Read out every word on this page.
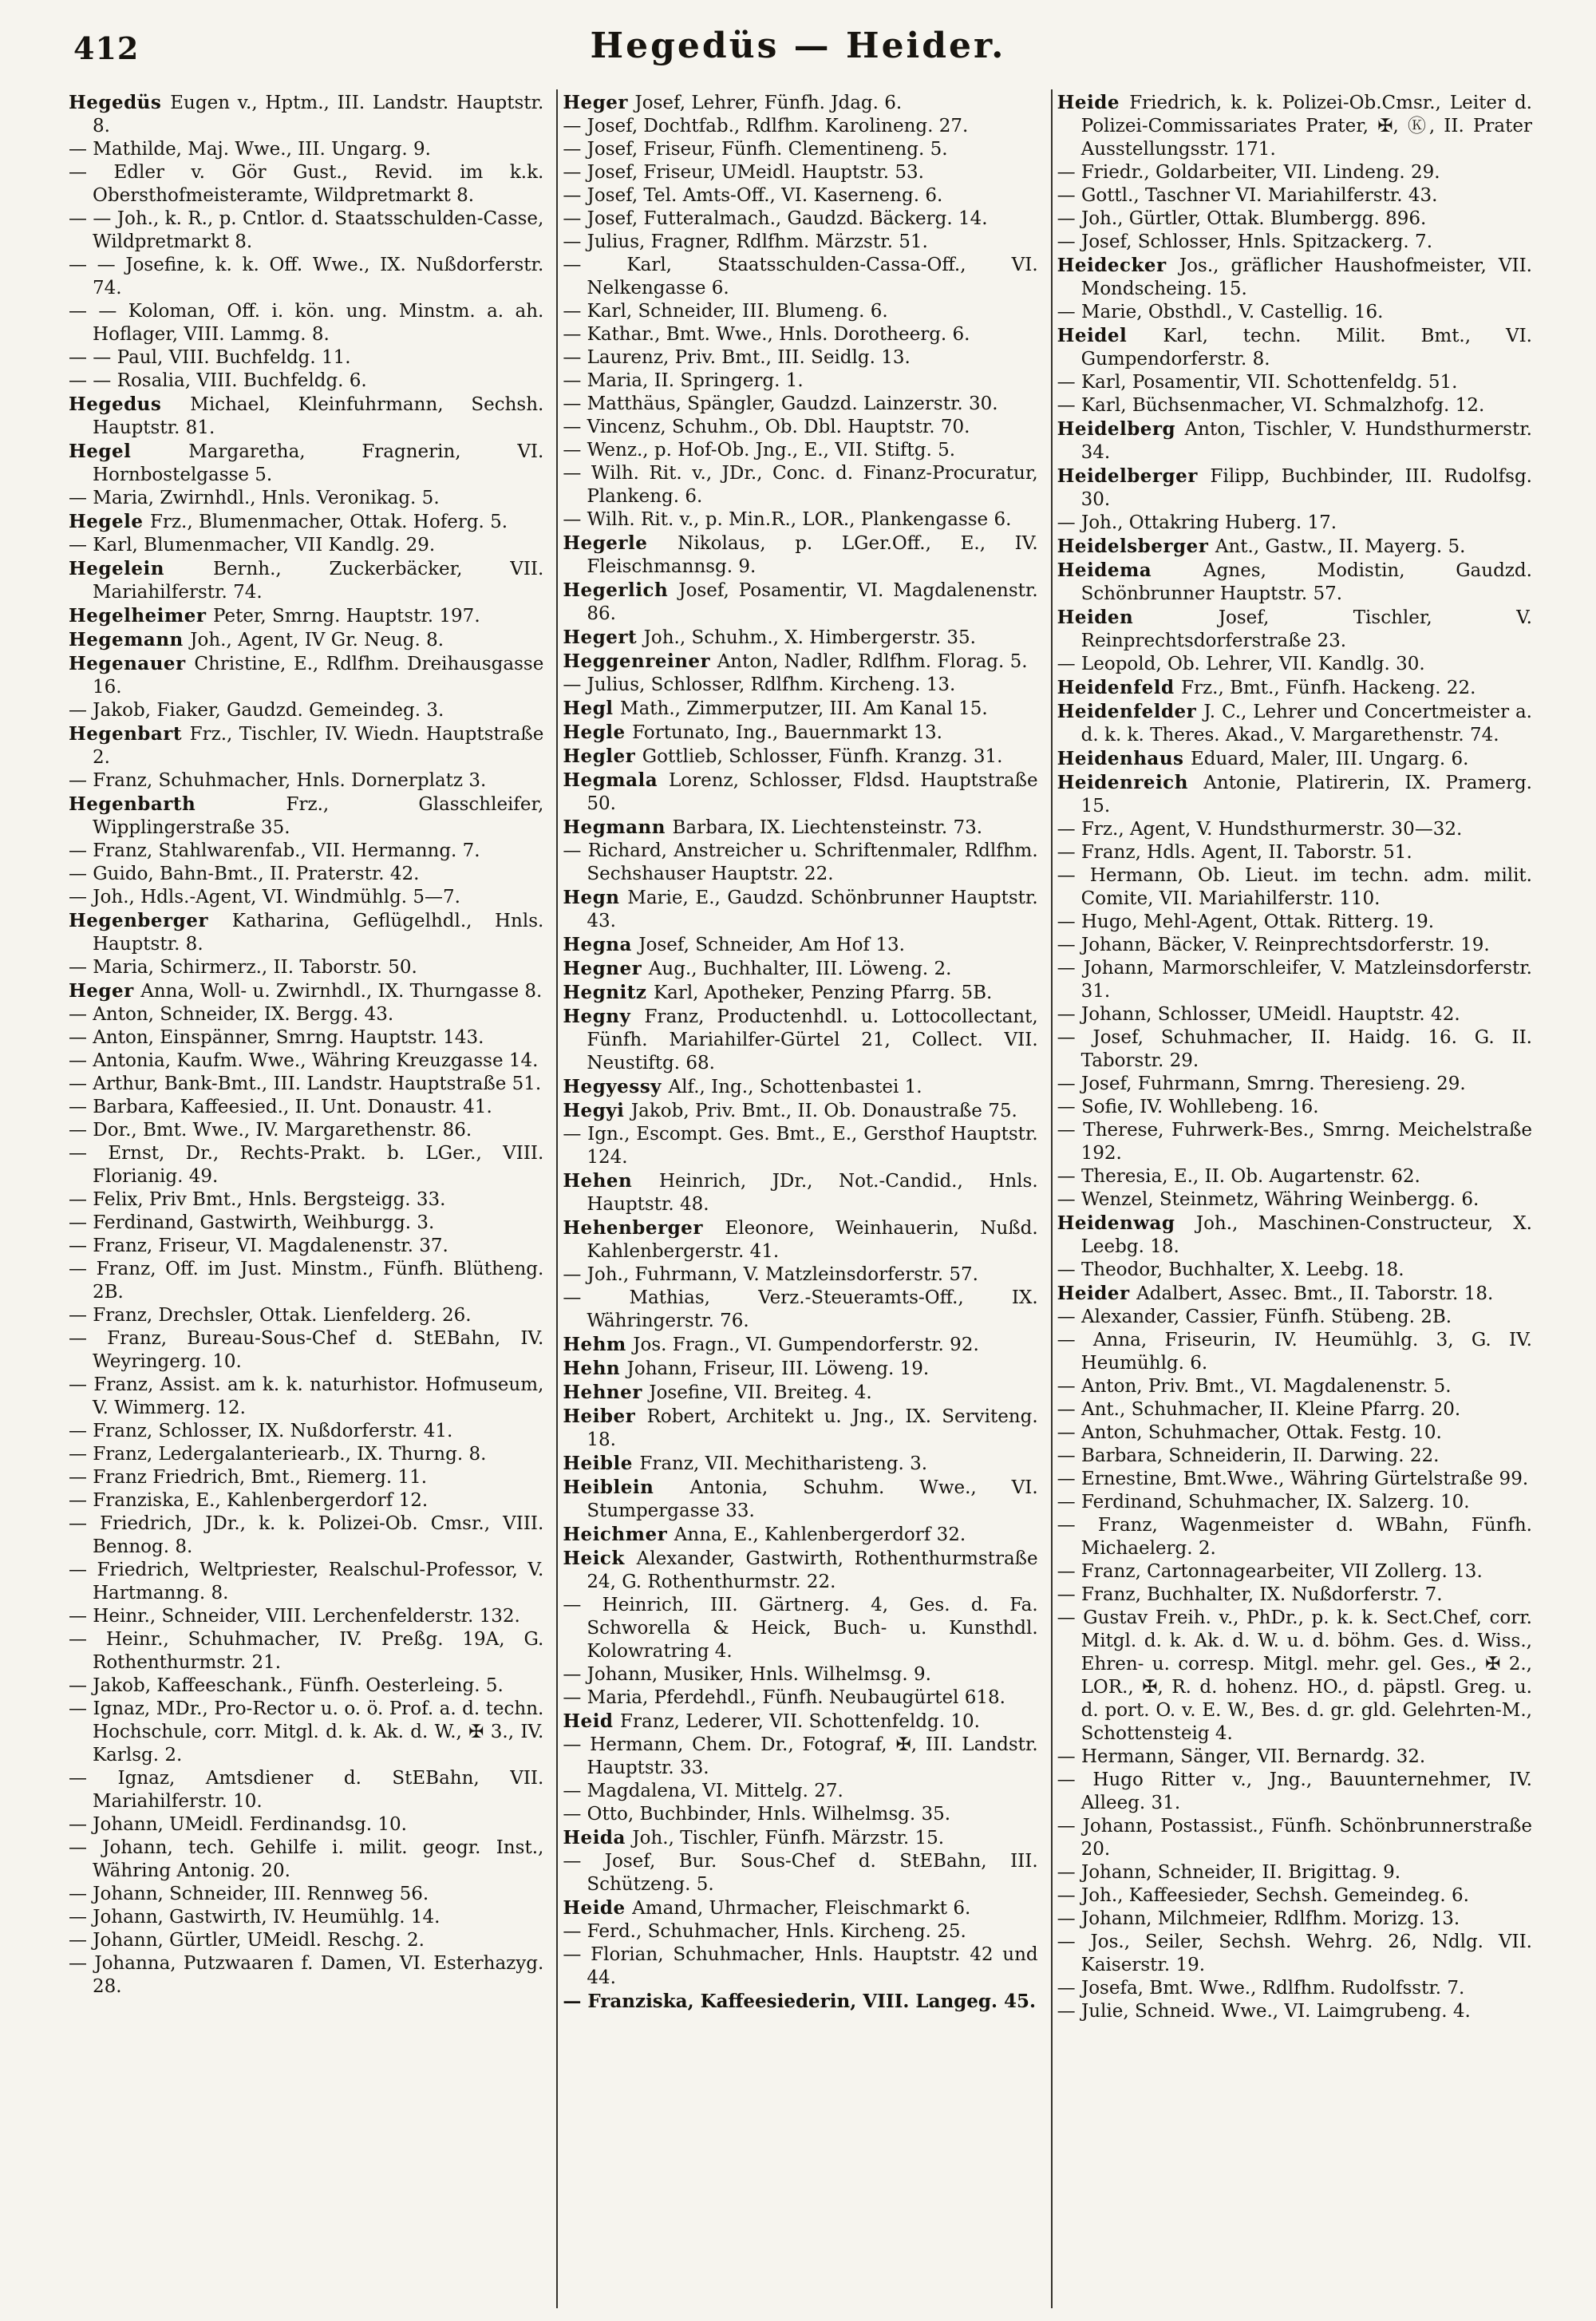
412	Hegedüs — Heider.

Hegedüs Eugen v., Hptm., III. Landstr. Hauptstr. 8.

— Mathilde, Maj. Wwe., III. Ungarg. 9.

— Edler v. Gör Gust., Revid. im k.k. Obersthofmeisteramte, Wildpretmarkt 8.

— — Joh., k. R., p. Cntlor. d. Staatsschulden-Casse, Wildpretmarkt 8.

— — Josefine, k. k. Off. Wwe., IX. Nußdorferstr. 74.

— — Koloman, Off. i. kön. ung. Minstm. a. ah. Hoflager, VIII. Lammg. 8.

— — Paul, VIII. Buchfeldg. 11.

— — Rosalia, VIII. Buchfeldg. 6.

Hegedus Michael, Kleinfuhrmann, Sechsh. Hauptstr. 81.

Hegel Margaretha, Fragnerin, VI. Hornbostelgasse 5.

— Maria, Zwirnhdl., Hnls. Veronikag. 5.

Hegele Frz., Blumenmacher, Ottak. Hoferg. 5.

— Karl, Blumenmacher, VII Kandlg. 29.

Hegelein Bernh., Zuckerbäcker, VII. Mariahilferstr. 74.

Hegelheimer Peter, Smrng. Hauptstr. 197.

Hegemann Joh., Agent, IV Gr. Neug. 8.

Hegenauer Christine, E., Rdlfhm. Dreihausgasse 16.

— Jakob, Fiaker, Gaudzd. Gemeindeg. 3.

Hegenbart Frz., Tischler, IV. Wiedn. Hauptstraße 2.

— Franz, Schuhmacher, Hnls. Dornerplatz 3.

Hegenbarth Frz., Glasschleifer, Wipplingerstraße 35.

— Franz, Stahlwarenfab., VII. Hermanng. 7.

— Guido, Bahn-Bmt., II. Praterstr. 42.

— Joh., Hdls.-Agent, VI. Windmühlg. 5—7.

Hegenberger Katharina, Geflügelhdl., Hnls. Hauptstr. 8.

— Maria, Schirmerz., II. Taborstr. 50.

Heger Anna, Woll- u. Zwirnhdl., IX. Thurngasse 8.

— Anton, Schneider, IX. Bergg. 43.

— Anton, Einspänner, Smrng. Hauptstr. 143.

— Antonia, Kaufm. Wwe., Währing Kreuzgasse 14.

— Arthur, Bank-Bmt., III. Landstr. Hauptstraße 51.

— Barbara, Kaffeesied., II. Unt. Donaustr. 41.

— Dor., Bmt. Wwe., IV. Margarethenstr. 86.

— Ernst, Dr., Rechts-Prakt. b. LGer., VIII. Florianig. 49.

— Felix, Priv Bmt., Hnls. Bergsteigg. 33.

— Ferdinand, Gastwirth, Weihburgg. 3.

— Franz, Friseur, VI. Magdalenenstr. 37.

— Franz, Off. im Just. Minstm., Fünfh. Blütheng. 2B.

— Franz, Drechsler, Ottak. Lienfelderg. 26.

— Franz, Bureau-Sous-Chef d. StEBahn, IV. Weyringerg. 10.

— Franz, Assist. am k. k. naturhistor. Hofmuseum, V. Wimmerg. 12.

— Franz, Schlosser, IX. Nußdorferstr. 41.

— Franz, Ledergalanteriearb., IX. Thurng. 8.

— Franz Friedrich, Bmt., Riemerg. 11.

— Franziska, E., Kahlenbergerdorf 12.

— Friedrich, JDr., k. k. Polizei-Ob. Cmsr., VIII. Bennog. 8.

— Friedrich, Weltpriester, Realschul-Professor, V. Hartmanng. 8.

— Heinr., Schneider, VIII. Lerchenfelderstr. 132.

— Heinr., Schuhmacher, IV. Preßg. 19A, G. Rothenthurmstr. 21.

— Jakob, Kaffeeschank., Fünfh. Oesterleing. 5.

— Ignaz, MDr., Pro-Rector u. o. ö. Prof. a. d. techn. Hochschule, corr. Mitgl. d. k. Ak. d. W., ✠ 3., IV. Karlsg. 2.

— Ignaz, Amtsdiener d. StEBahn, VII. Mariahilferstr. 10.

— Johann, UMeidl. Ferdinandsg. 10.

— Johann, tech. Gehilfe i. milit. geogr. Inst., Währing Antonig. 20.

— Johann, Schneider, III. Rennweg 56.

— Johann, Gastwirth, IV. Heumühlg. 14.

— Johann, Gürtler, UMeidl. Reschg. 2.

— Johanna, Putzwaaren f. Damen, VI. Esterhazyg. 28.

Heger Josef, Lehrer, Fünfh. Jdag. 6.

— Josef, Dochtfab., Rdlfhm. Karolineng. 27.

— Josef, Friseur, Fünfh. Clementineng. 5.

— Josef, Friseur, UMeidl. Hauptstr. 53.

— Josef, Tel. Amts-Off., VI. Kaserneng. 6.

— Josef, Futteralmach., Gaudzd. Bäckerg. 14.

— Julius, Fragner, Rdlfhm. Märzstr. 51.

— Karl, Staatsschulden-Cassa-Off., VI. Nelkengasse 6.

— Karl, Schneider, III. Blumeng. 6.

— Kathar., Bmt. Wwe., Hnls. Dorotheerg. 6.

— Laurenz, Priv. Bmt., III. Seidlg. 13.

— Maria, II. Springerg. 1.

— Matthäus, Spängler, Gaudzd. Lainzerstr. 30.

— Vincenz, Schuhm., Ob. Dbl. Hauptstr. 70.

— Wenz., p. Hof-Ob. Jng., E., VII. Stiftg. 5.

— Wilh. Rit. v., JDr., Conc. d. Finanz-Procuratur, Plankeng. 6.

— Wilh. Rit. v., p. Min.R., LOR., Plankengasse 6.

Hegerle Nikolaus, p. LGer.Off., E., IV. Fleischmannsg. 9.

Hegerlich Josef, Posamentir, VI. Magdalenenstr. 86.

Hegert Joh., Schuhm., X. Himbergerstr. 35.

Heggenreiner Anton, Nadler, Rdlfhm. Florag. 5.

— Julius, Schlosser, Rdlfhm. Kircheng. 13.

Hegl Math., Zimmerputzer, III. Am Kanal 15.

Hegle Fortunato, Ing., Bauernmarkt 13.

Hegler Gottlieb, Schlosser, Fünfh. Kranzg. 31.

Hegmala Lorenz, Schlosser, Fldsd. Hauptstraße 50.

Hegmann Barbara, IX. Liechtensteinstr. 73.

— Richard, Anstreicher u. Schriftenmaler, Rdlfhm. Sechshauser Hauptstr. 22.

Hegn Marie, E., Gaudzd. Schönbrunner Hauptstr. 43.

Hegna Josef, Schneider, Am Hof 13.

Hegner Aug., Buchhalter, III. Löweng. 2.

Hegnitz Karl, Apotheker, Penzing Pfarrg. 5B.

Hegny Franz, Productenhdl. u. Lottocollectant, Fünfh. Mariahilfer-Gürtel 21, Collect. VII. Neustiftg. 68.

Hegyessy Alf., Ing., Schottenbastei 1.

Hegyi Jakob, Priv. Bmt., II. Ob. Donaustraße 75.

— Ign., Escompt. Ges. Bmt., E., Gersthof Hauptstr. 124.

Hehen Heinrich, JDr., Not.-Candid., Hnls. Hauptstr. 48.

Hehenberger Eleonore, Weinhauerin, Nußd. Kahlenbergerstr. 41.

— Joh., Fuhrmann, V. Matzleinsdorferstr. 57.

— Mathias, Verz.-Steueramts-Off., IX. Währingerstr. 76.

Hehm Jos. Fragn., VI. Gumpendorferstr. 92.

Hehn Johann, Friseur, III. Löweng. 19.

Hehner Josefine, VII. Breiteg. 4.

Heiber Robert, Architekt u. Jng., IX. Serviteng. 18.

Heible Franz, VII. Mechitharisteng. 3.

Heiblein Antonia, Schuhm. Wwe., VI. Stumpergasse 33.

Heichmer Anna, E., Kahlenbergerdorf 32.

Heick Alexander, Gastwirth, Rothenthurmstraße 24, G. Rothenthurmstr. 22.

— Heinrich, III. Gärtnerg. 4, Ges. d. Fa. Schworella & Heick, Buch- u. Kunsthdl. Kolowratring 4.

— Johann, Musiker, Hnls. Wilhelmsg. 9.

— Maria, Pferdehdl., Fünfh. Neubaugürtel 618.

Heid Franz, Lederer, VII. Schottenfeldg. 10.

— Hermann, Chem. Dr., Fotograf, ✠, III. Landstr. Hauptstr. 33.

— Magdalena, VI. Mittelg. 27.

— Otto, Buchbinder, Hnls. Wilhelmsg. 35.

Heida Joh., Tischler, Fünfh. Märzstr. 15.

— Josef, Bur. Sous-Chef d. StEBahn, III. Schützeng. 5.

Heide Amand, Uhrmacher, Fleischmarkt 6.

— Ferd., Schuhmacher, Hnls. Kircheng. 25.

— Florian, Schuhmacher, Hnls. Hauptstr. 42 und 44.

— Franziska, Kaffeesiederin, VIII. Langeg. 45.

Heide Friedrich, k. k. Polizei-Ob.Cmsr., Leiter d. Polizei-Commissariates Prater, ✠, Ⓚ, II. Prater Ausstellungsstr. 171.

— Friedr., Goldarbeiter, VII. Lindeng. 29.

— Gottl., Taschner VI. Mariahilferstr. 43.

— Joh., Gürtler, Ottak. Blumbergg. 896.

— Josef, Schlosser, Hnls. Spitzackerg. 7.

Heidecker Jos., gräflicher Haushofmeister, VII. Mondscheing. 15.

— Marie, Obsthdl., V. Castellig. 16.

Heidel Karl, techn. Milit. Bmt., VI. Gumpendorferstr. 8.

— Karl, Posamentir, VII. Schottenfeldg. 51.

— Karl, Büchsenmacher, VI. Schmalzhofg. 12.

Heidelberg Anton, Tischler, V. Hundsthurmerstr. 34.

Heidelberger Filipp, Buchbinder, III. Rudolfsg. 30.

— Joh., Ottakring Huberg. 17.

Heidelsberger Ant., Gastw., II. Mayerg. 5.

Heidema Agnes, Modistin, Gaudzd. Schönbrunner Hauptstr. 57.

Heiden Josef, Tischler, V. Reinprechtsdorferstraße 23.

— Leopold, Ob. Lehrer, VII. Kandlg. 30.

Heidenfeld Frz., Bmt., Fünfh. Hackeng. 22.

Heidenfelder J. C., Lehrer und Concertmeister a. d. k. k. Theres. Akad., V. Margarethenstr. 74.

Heidenhaus Eduard, Maler, III. Ungarg. 6.

Heidenreich Antonie, Platirerin, IX. Pramerg. 15.

— Frz., Agent, V. Hundsthurmerstr. 30—32.

— Franz, Hdls. Agent, II. Taborstr. 51.

— Hermann, Ob. Lieut. im techn. adm. milit. Comite, VII. Mariahilferstr. 110.

— Hugo, Mehl-Agent, Ottak. Ritterg. 19.

— Johann, Bäcker, V. Reinprechtsdorferstr. 19.

— Johann, Marmorschleifer, V. Matzleinsdorferstr. 31.

— Johann, Schlosser, UMeidl. Hauptstr. 42.

— Josef, Schuhmacher, II. Haidg. 16. G. II. Taborstr. 29.

— Josef, Fuhrmann, Smrng. Theresieng. 29.

— Sofie, IV. Wohllebeng. 16.

— Therese, Fuhrwerk-Bes., Smrng. Meichelstraße 192.

— Theresia, E., II. Ob. Augartenstr. 62.

— Wenzel, Steinmetz, Währing Weinbergg. 6.

Heidenwag Joh., Maschinen-Constructeur, X. Leebg. 18.

— Theodor, Buchhalter, X. Leebg. 18.

Heider Adalbert, Assec. Bmt., II. Taborstr. 18.

— Alexander, Cassier, Fünfh. Stübeng. 2B.

— Anna, Friseurin, IV. Heumühlg. 3, G. IV. Heumühlg. 6.

— Anton, Priv. Bmt., VI. Magdalenenstr. 5.

— Ant., Schuhmacher, II. Kleine Pfarrg. 20.

— Anton, Schuhmacher, Ottak. Festg. 10.

— Barbara, Schneiderin, II. Darwing. 22.

— Ernestine, Bmt.Wwe., Währing Gürtelstraße 99.

— Ferdinand, Schuhmacher, IX. Salzerg. 10.

— Franz, Wagenmeister d. WBahn, Fünfh. Michaelerg. 2.

— Franz, Cartonnagearbeiter, VII Zollerg. 13.

— Franz, Buchhalter, IX. Nußdorferstr. 7.

— Gustav Freih. v., PhDr., p. k. k. Sect.Chef, corr. Mitgl. d. k. Ak. d. W. u. d. böhm. Ges. d. Wiss., Ehren- u. corresp. Mitgl. mehr. gel. Ges., ✠ 2., LOR., ✠, R. d. hohenz. HO., d. päpstl. Greg. u. d. port. O. v. E. W., Bes. d. gr. gld. Gelehrten-M., Schottensteig 4.

— Hermann, Sänger, VII. Bernardg. 32.

— Hugo Ritter v., Jng., Bauunternehmer, IV. Alleeg. 31.

— Johann, Postassist., Fünfh. Schönbrunnerstraße 20.

— Johann, Schneider, II. Brigittag. 9.

— Joh., Kaffeesieder, Sechsh. Gemeindeg. 6.

— Johann, Milchmeier, Rdlfhm. Morizg. 13.

— Jos., Seiler, Sechsh. Wehrg. 26, Ndlg. VII. Kaiserstr. 19.

— Josefa, Bmt. Wwe., Rdlfhm. Rudolfsstr. 7.

— Julie, Schneid. Wwe., VI. Laimgrubeng. 4.
